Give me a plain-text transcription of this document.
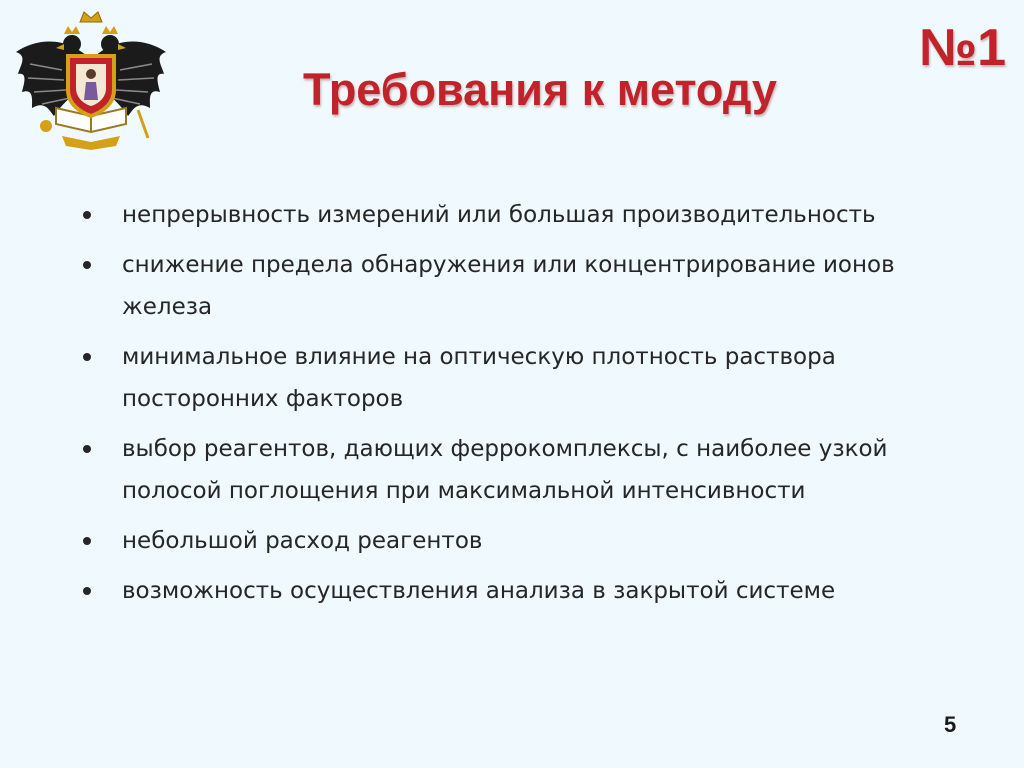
Требования к методу
№1
непрерывность измерений или большая производительность
снижение предела обнаружения или концентрирование ионов железа
минимальное влияние на оптическую плотность раствора посторонних факторов
выбор реагентов, дающих феррокомплексы, с наиболее узкой полосой поглощения при максимальной интенсивности
небольшой расход реагентов
возможность осуществления анализа в закрытой системе
5
